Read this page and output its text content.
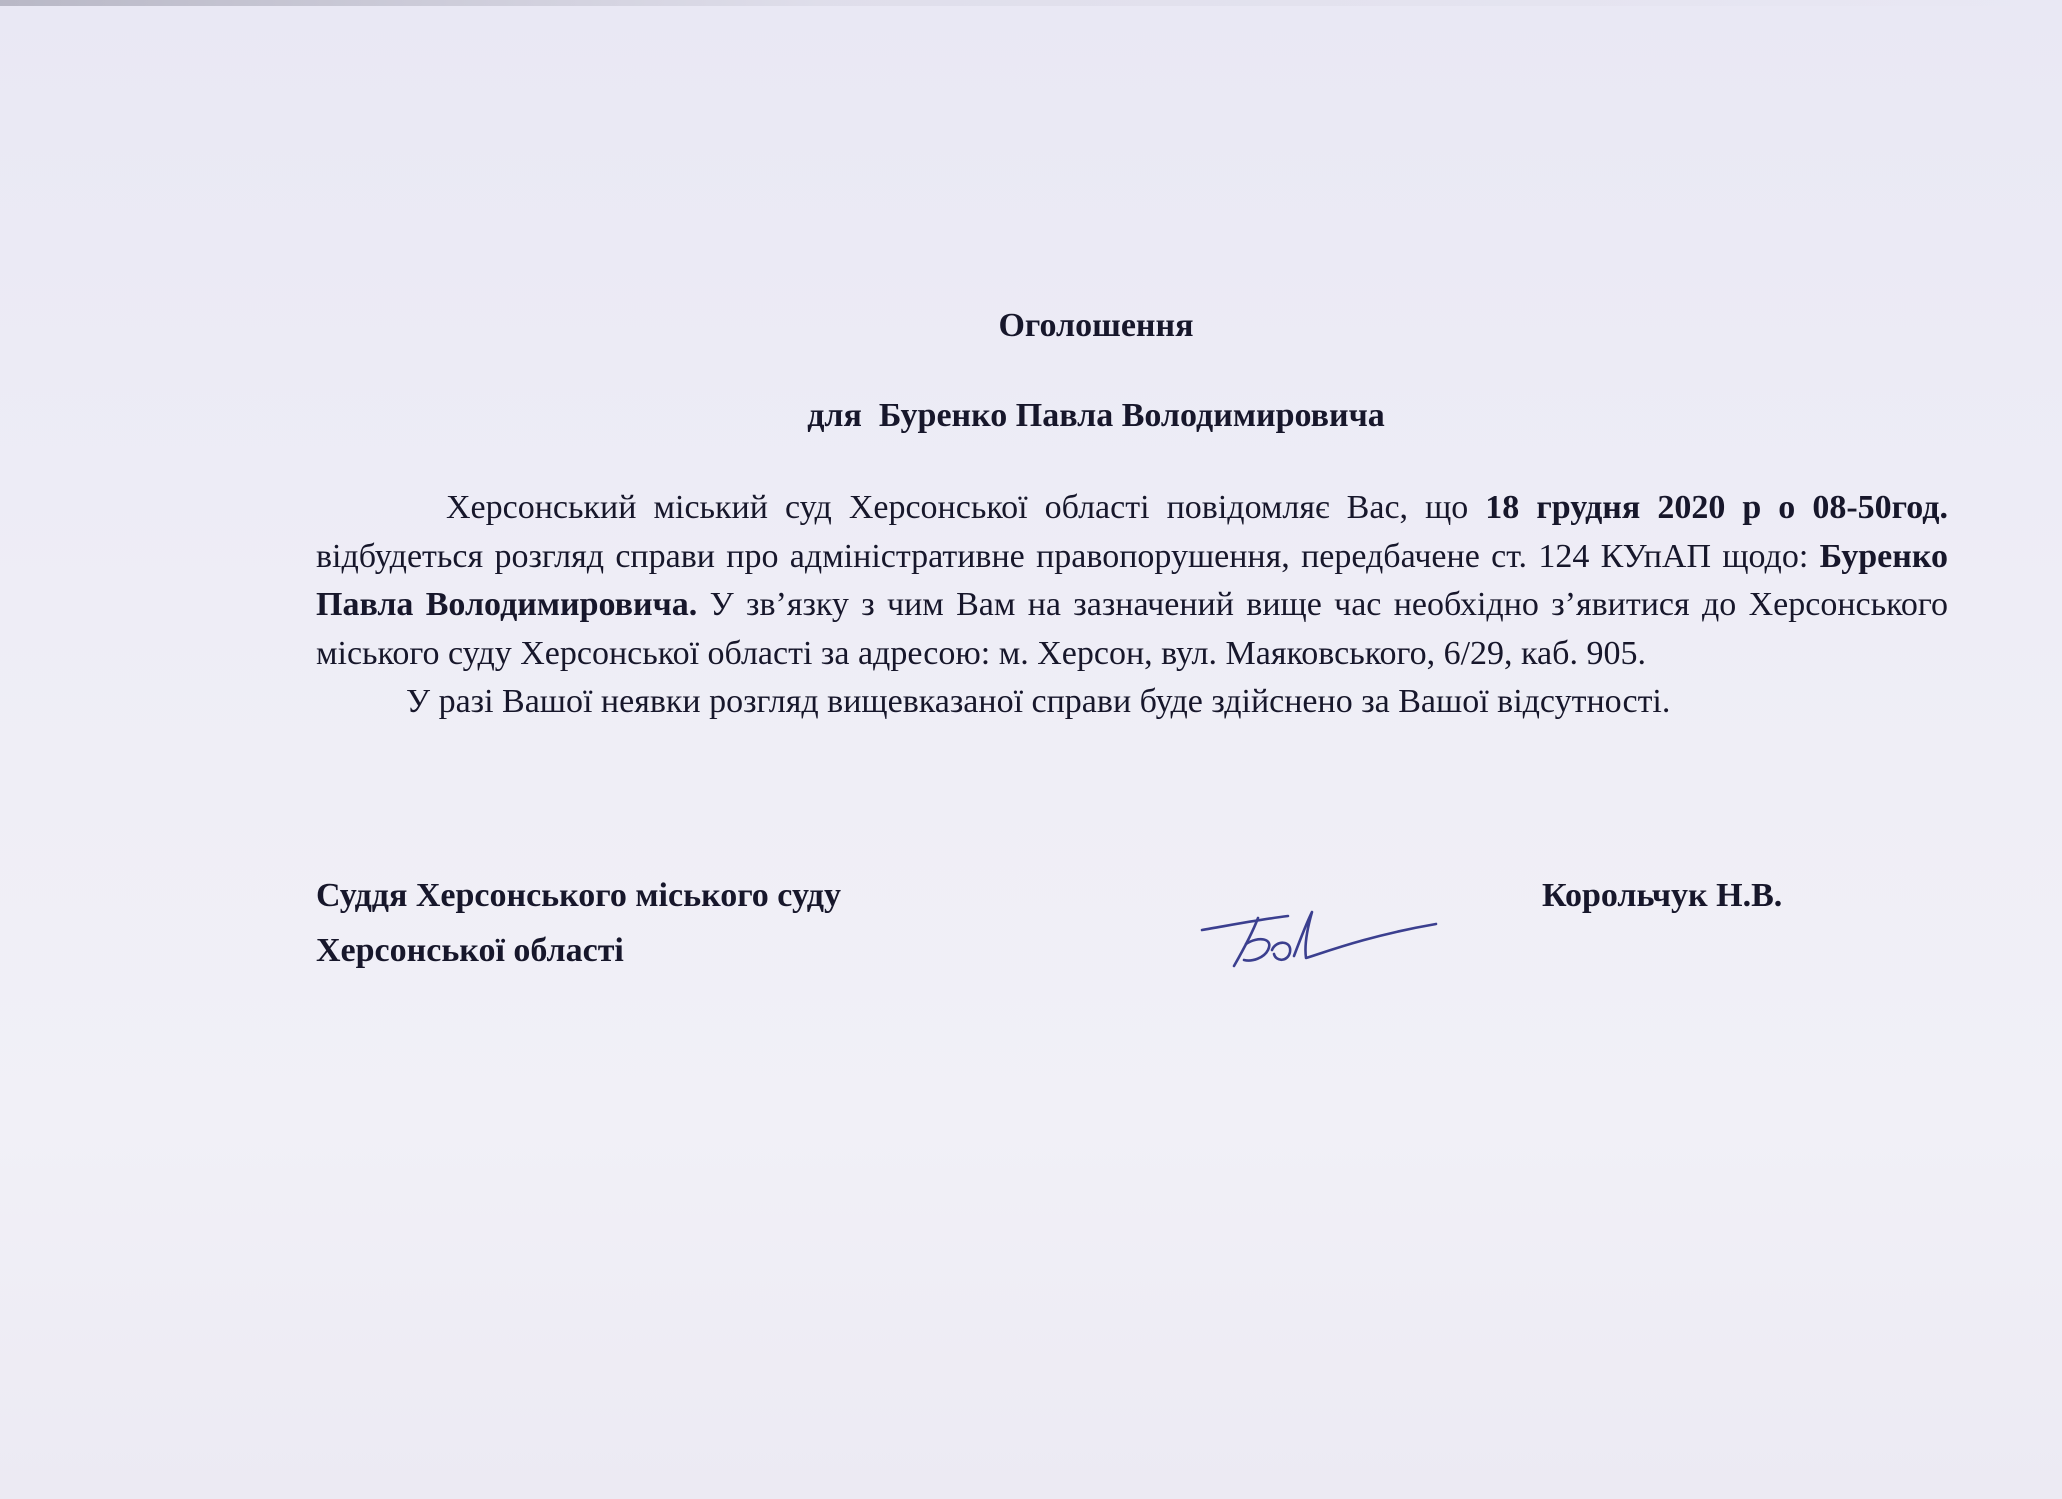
Оголошення
для  Буренко Павла Володимировича

Херсонський міський суд Херсонської області повідомляє Вас, що 18 грудня 2020 р о 08-50год. відбудеться розгляд справи про адміністративне правопорушення, передбачене ст. 124 КУпАП щодо: Буренко Павла Володимировича. У зв’язку з чим Вам на зазначений вище час необхідно з’явитися до Херсонського міського суду Херсонської області за адресою: м. Херсон, вул. Маяковського, 6/29, каб. 905.

У разі Вашої неявки розгляд вищевказаної справи буде здійснено за Вашої відсутності.

Суддя Херсонського міського суду
Херсонської області
Корольчук Н.В.
